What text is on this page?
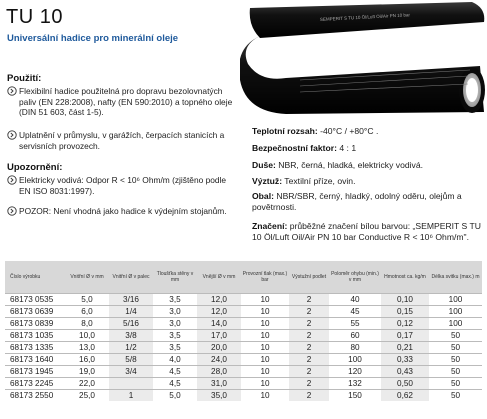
TU 10
Universální hadice pro minerální oleje
SEMPERIT S TU 10 Öl/Luft Oil/Air PN 10 bar
Použití:
Flexibilní hadice použitelná pro dopravu bezolovnatých paliv (EN 228:2008), nafty (EN 590:2010) a topného oleje (DIN 51 603, část 1-5).
Uplatnění v průmyslu, v garážích, čerpacích stanicích a servisních provozech.
Upozornění:
Elektricky vodivá: Odpor R < 10⁶ Ohm/m (zjištěno podle EN ISO 8031:1997).
POZOR: Není vhodná jako hadice k výdejním stojanům.
Teplotní rozsah: -40°C / +80°C .
Bezpečnostní faktor: 4 : 1
Duše: NBR, černá, hladká, elektricky vodivá.
Výztuž: Textilní příze, ovin.
Obal: NBR/SBR, černý, hladký, odolný oděru, olejům a povětrnosti.
Značení: průběžné značení bílou barvou: „SEMPERIT S TU 10 Öl/Luft Oil/Air PN 10 bar Conductive R < 10⁶ Ohm/m".
Číslo výrobku	Vnitřní Ø v mm	Vnitřní Ø v palec	Tloušťka stěny v mm	Vnější Ø v mm	Provozní tlak (max.) bar	Výstužní podlet	Poloměr ohybu (min.) v mm	Hmotnost ca. kg/m	Délka svitku (max.) m
68173 0535	5,0	3/16	3,5	12,0	10	2	40	0,10	100
68173 0639	6,0	1/4	3,0	12,0	10	2	45	0,15	100
68173 0839	8,0	5/16	3,0	14,0	10	2	55	0,12	100
68173 1035	10,0	3/8	3,5	17,0	10	2	60	0,17	50
68173 1335	13,0	1/2	3,5	20,0	10	2	80	0,21	50
68173 1640	16,0	5/8	4,0	24,0	10	2	100	0,33	50
68173 1945	19,0	3/4	4,5	28,0	10	2	120	0,43	50
68173 2245	22,0		4,5	31,0	10	2	132	0,50	50
68173 2550	25,0	1	5,0	35,0	10	2	150	0,62	50
